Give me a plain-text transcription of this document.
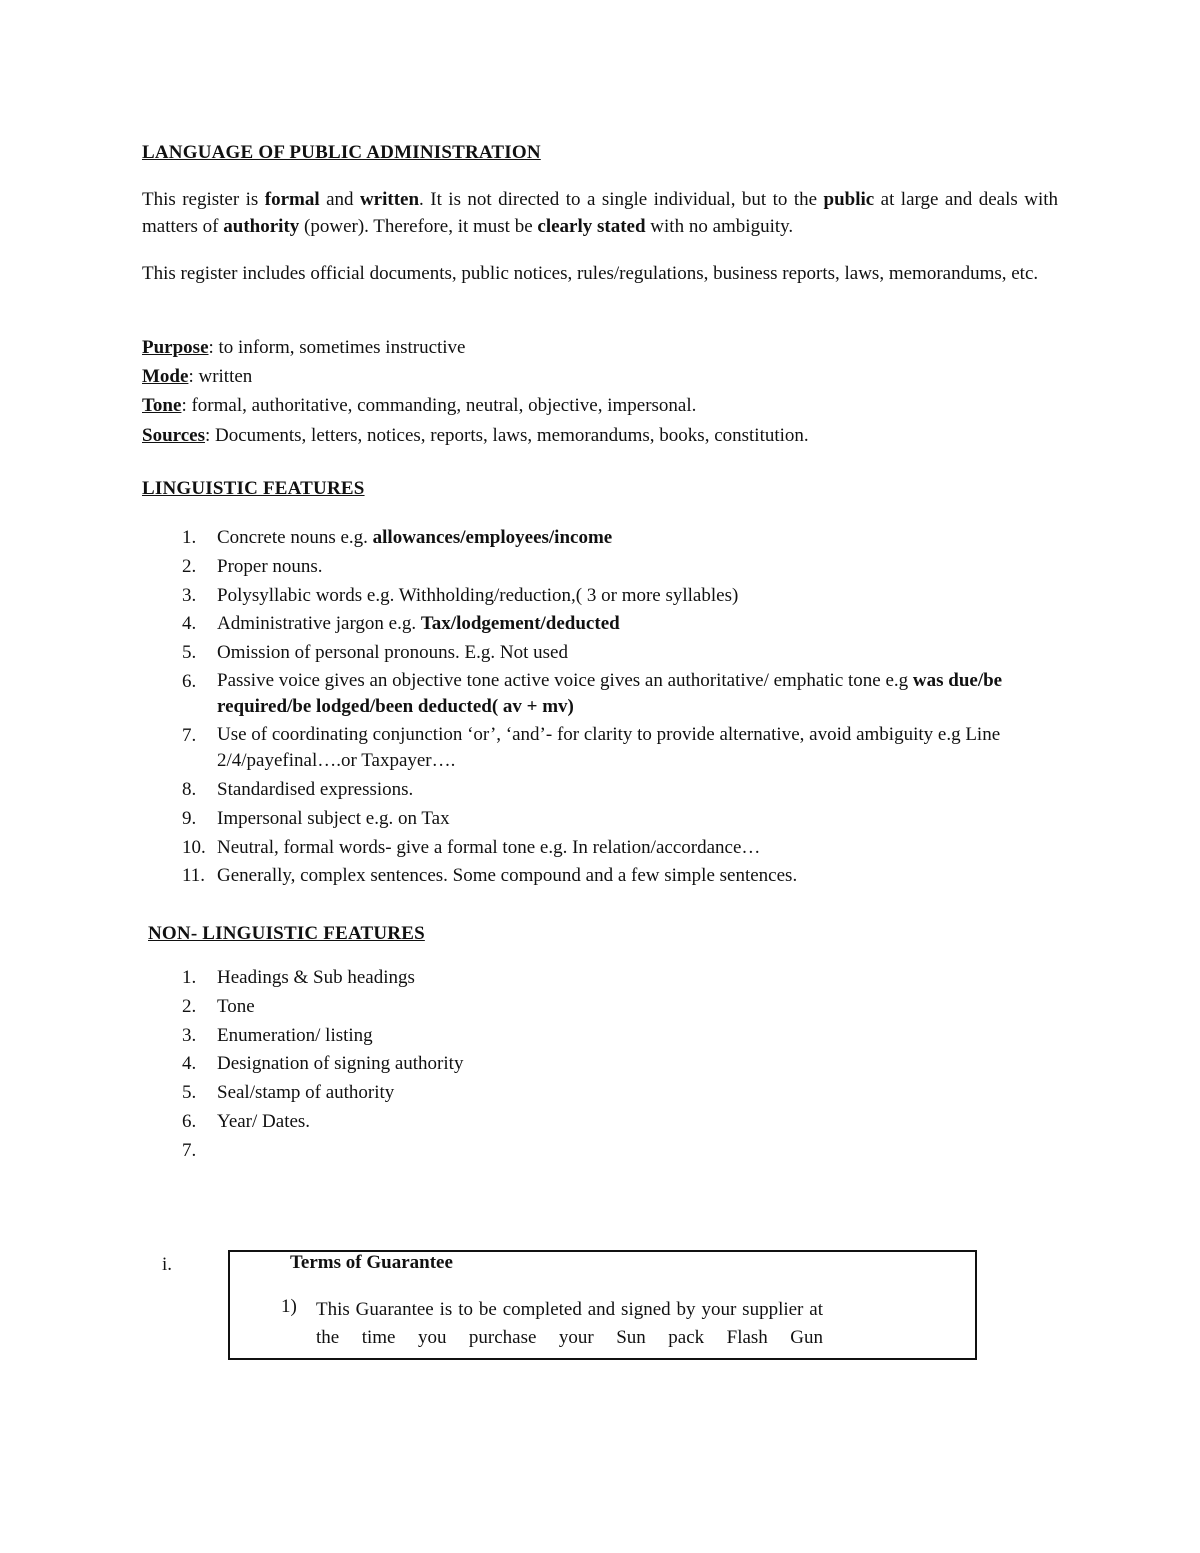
LANGUAGE OF PUBLIC ADMINISTRATION
This register is formal and written. It is not directed to a single individual, but to the public at large and deals with matters of authority (power). Therefore, it must be clearly stated with no ambiguity.
This register includes official documents, public notices, rules/regulations, business reports, laws, memorandums, etc.
Purpose: to inform, sometimes instructive
Mode: written
Tone: formal, authoritative, commanding, neutral, objective, impersonal.
Sources: Documents, letters, notices, reports, laws, memorandums, books, constitution.
LINGUISTIC FEATURES
1.	Concrete nouns e.g. allowances/employees/income
2.	Proper nouns.
3.	Polysyllabic words e.g. Withholding/reduction,( 3 or more syllables)
4.	Administrative jargon e.g. Tax/lodgement/deducted
5.	Omission of personal pronouns. E.g. Not used
6.	Passive voice gives an objective tone active voice gives an authoritative/ emphatic tone e.g was due/be required/be lodged/been deducted( av + mv)
7.	Use of coordinating conjunction ‘or’, ‘and’- for clarity to provide alternative, avoid ambiguity e.g Line 2/4/payefinal….or Taxpayer….
8.	Standardised expressions.
9.	Impersonal subject e.g. on Tax
10. Neutral, formal words- give a formal tone e.g. In relation/accordance…
11. Generally, complex sentences. Some compound and a few simple sentences.
NON- LINGUISTIC FEATURES
1.	Headings & Sub headings
2.	Tone
3.	Enumeration/ listing
4.	Designation of signing authority
5.	Seal/stamp of authority
6.	Year/ Dates.
7.
i.	Terms of Guarantee
1) This Guarantee is to be completed and signed by your supplier at the time you purchase your Sun pack Flash Gun
